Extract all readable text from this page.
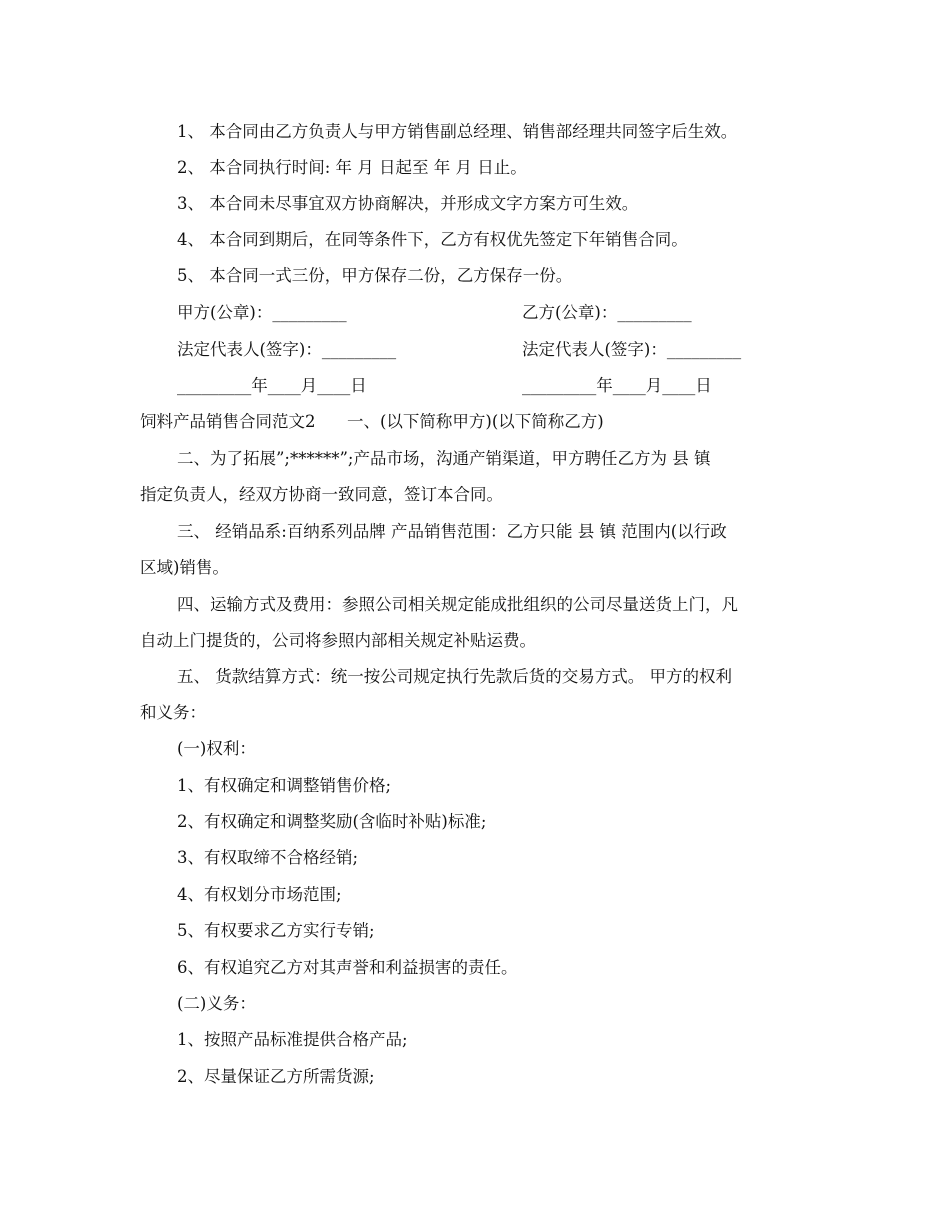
1、 本合同由乙方负责人与甲方销售副总经理、销售部经理共同签字后生效。
2、 本合同执行时间: 年 月 日起至 年 月 日止。
3、 本合同未尽事宜双方协商解决，并形成文字方案方可生效。
4、 本合同到期后，在同等条件下，乙方有权优先签定下年销售合同。
5、 本合同一式三份，甲方保存二份，乙方保存一份。
甲方(公章)：_________	乙方(公章)：_________
法定代表人(签字)：_________	法定代表人(签字)：_________
_________年____月____日	_________年____月____日
饲料产品销售合同范文2      一、(以下简称甲方)(以下简称乙方)
二、为了拓展”;******”;产品市场，沟通产销渠道，甲方聘任乙方为 县 镇
指定负责人，经双方协商一致同意，签订本合同。
三、 经销品系:百纳系列品牌 产品销售范围：乙方只能 县 镇 范围内(以行政
区域)销售。
四、运输方式及费用：参照公司相关规定能成批组织的公司尽量送货上门，凡
自动上门提货的，公司将参照内部相关规定补贴运费。
五、 货款结算方式：统一按公司规定执行先款后货的交易方式。 甲方的权利
和义务：
(一)权利：
1、有权确定和调整销售价格;
2、有权确定和调整奖励(含临时补贴)标准;
3、有权取缔不合格经销;
4、有权划分市场范围;
5、有权要求乙方实行专销;
6、有权追究乙方对其声誉和利益损害的责任。
(二)义务：
1、按照产品标准提供合格产品;
2、尽量保证乙方所需货源;
